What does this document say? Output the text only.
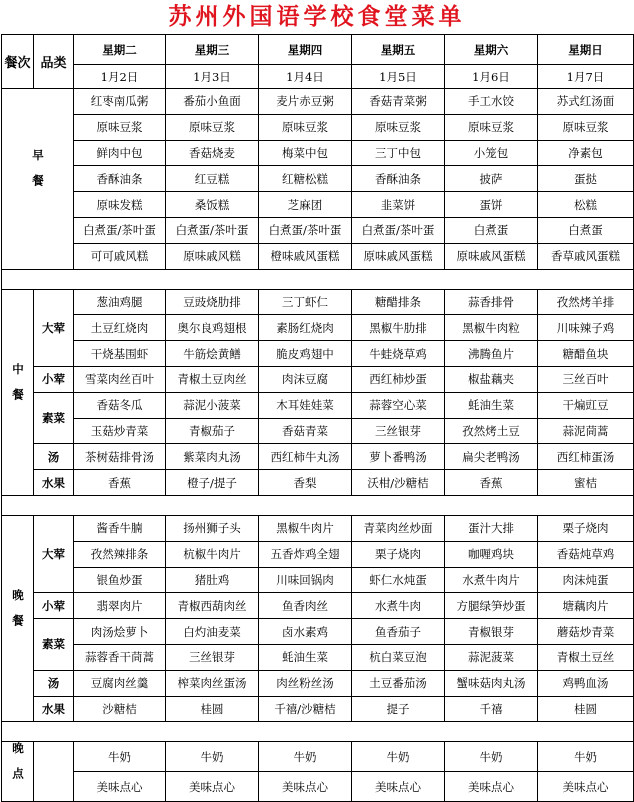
苏州外国语学校食堂菜单
餐次	品类	星期二	星期三	星期四	星期五	星期六	星期日
		1月2日	1月3日	1月4日	1月5日	1月6日	1月7日
早餐		红枣南瓜粥	番茄小鱼面	麦片赤豆粥	香菇青菜粥	手工水饺	苏式红汤面
		原味豆浆	原味豆浆	原味豆浆	原味豆浆	原味豆浆	原味豆浆
		鲜肉中包	香菇烧麦	梅菜中包	三丁中包	小笼包	净素包
		香酥油条	红豆糕	红糖松糕	香酥油条	披萨	蛋挞
		原味发糕	桑饭糕	芝麻团	韭菜饼	蛋饼	松糕
		白煮蛋/茶叶蛋	白煮蛋/茶叶蛋	白煮蛋/茶叶蛋	白煮蛋/茶叶蛋	白煮蛋	白煮蛋
		可可戚风糕	原味戚风糕	橙味戚风蛋糕	原味戚风蛋糕	原味戚风蛋糕	香草戚风蛋糕

中餐	大荤	葱油鸡腿	豆豉烧肋排	三丁虾仁	糖醋排条	蒜香排骨	孜然烤羊排
		土豆红烧肉	奥尔良鸡翅根	素肠红烧肉	黑椒牛肋排	黑椒牛肉粒	川味辣子鸡
		干烧基围虾	牛筋烩黄鳝	脆皮鸡翅中	牛蛙烧草鸡	沸腾鱼片	糖醋鱼块
	小荤	雪菜肉丝百叶	青椒土豆肉丝	肉沫豆腐	西红柿炒蛋	椒盐藕夹	三丝百叶
	素菜	香菇冬瓜	蒜泥小菠菜	木耳娃娃菜	蒜蓉空心菜	蚝油生菜	干煸豇豆
		玉菇炒青菜	青椒茄子	香菇青菜	三丝银芽	孜然烤土豆	蒜泥茼蒿
	汤	茶树菇排骨汤	紫菜肉丸汤	西红柿牛丸汤	萝卜番鸭汤	扁尖老鸭汤	西红柿蛋汤
	水果	香蕉	橙子/提子	香梨	沃柑/沙糖桔	香蕉	蜜桔

晚餐	大荤	酱香牛腩	扬州狮子头	黑椒牛肉片	青菜肉丝炒面	蛋汁大排	栗子烧肉
		孜然辣排条	杭椒牛肉片	五香炸鸡全翅	栗子烧肉	咖喱鸡块	香菇炖草鸡
		银鱼炒蛋	猪肚鸡	川味回锅肉	虾仁水炖蛋	水煮牛肉片	肉沫炖蛋
	小荤	翡翠肉片	青椒西葫肉丝	鱼香肉丝	水煮牛肉	方腿绿笋炒蛋	塘藕肉片
	素菜	肉汤烩萝卜	白灼油麦菜	卤水素鸡	鱼香茄子	青椒银芽	蘑菇炒青菜
		蒜蓉香干茼蒿	三丝银芽	蚝油生菜	杭白菜豆泡	蒜泥菠菜	青椒土豆丝
	汤	豆腐肉丝羹	榨菜肉丝蛋汤	肉丝粉丝汤	土豆番茄汤	蟹味菇肉丸汤	鸡鸭血汤
	水果	沙糖桔	桂圆	千禧/沙糖桔	提子	千禧	桂圆

晚点		牛奶	牛奶	牛奶	牛奶	牛奶	牛奶
		美味点心	美味点心	美味点心	美味点心	美味点心	美味点心
